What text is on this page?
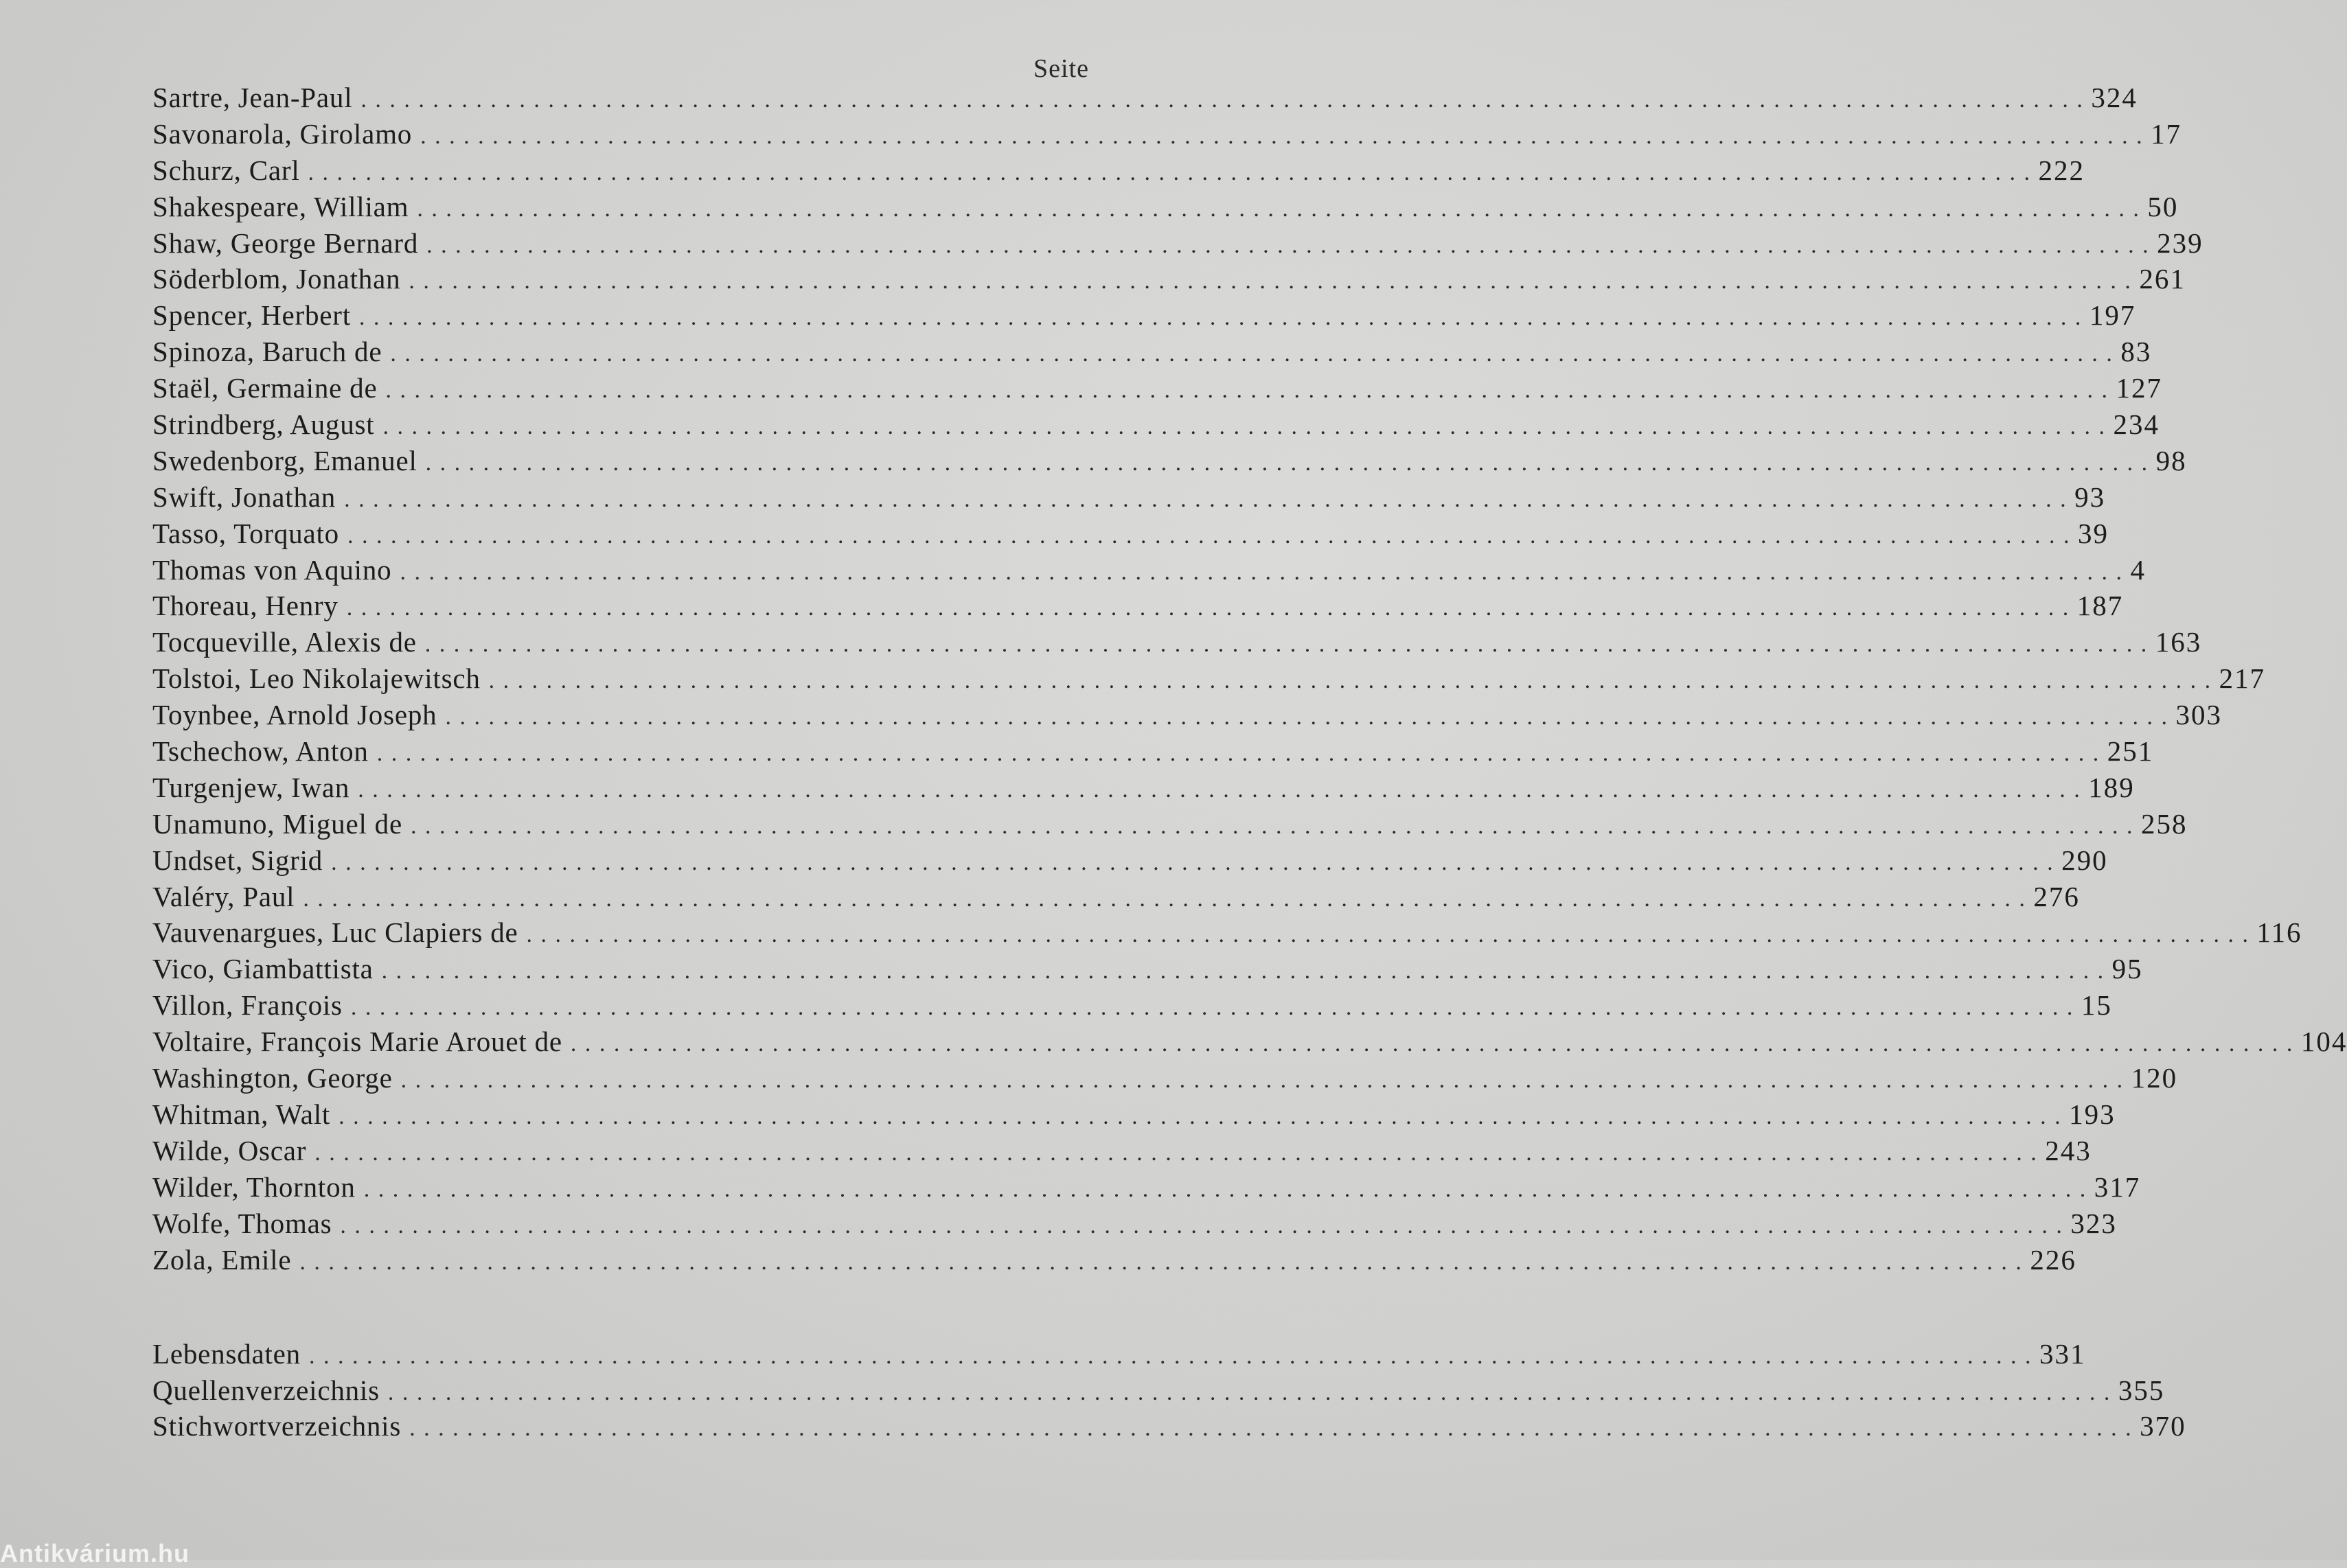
Seite
Sartre, Jean-Paul ........................................................................................................................ 324
Savonarola, Girolamo ........................................................................................................................ 17
Schurz, Carl ........................................................................................................................ 222
Shakespeare, William ........................................................................................................................ 50
Shaw, George Bernard ........................................................................................................................ 239
Söderblom, Jonathan ........................................................................................................................ 261
Spencer, Herbert ........................................................................................................................ 197
Spinoza, Baruch de ........................................................................................................................ 83
Staël, Germaine de ........................................................................................................................ 127
Strindberg, August ........................................................................................................................ 234
Swedenborg, Emanuel ........................................................................................................................ 98
Swift, Jonathan ........................................................................................................................ 93
Tasso, Torquato ........................................................................................................................ 39
Thomas von Aquino ........................................................................................................................ 4
Thoreau, Henry ........................................................................................................................ 187
Tocqueville, Alexis de ........................................................................................................................ 163
Tolstoi, Leo Nikolajewitsch ........................................................................................................................ 217
Toynbee, Arnold Joseph ........................................................................................................................ 303
Tschechow, Anton ........................................................................................................................ 251
Turgenjew, Iwan ........................................................................................................................ 189
Unamuno, Miguel de ........................................................................................................................ 258
Undset, Sigrid ........................................................................................................................ 290
Valéry, Paul ........................................................................................................................ 276
Vauvenargues, Luc Clapiers de ........................................................................................................................ 116
Vico, Giambattista ........................................................................................................................ 95
Villon, François ........................................................................................................................ 15
Voltaire, François Marie Arouet de ........................................................................................................................ 104
Washington, George ........................................................................................................................ 120
Whitman, Walt ........................................................................................................................ 193
Wilde, Oscar ........................................................................................................................ 243
Wilder, Thornton ........................................................................................................................ 317
Wolfe, Thomas ........................................................................................................................ 323
Zola, Emile ........................................................................................................................ 226
Lebensdaten ........................................................................................................................ 331
Quellenverzeichnis ........................................................................................................................ 355
Stichwortverzeichnis ........................................................................................................................ 370
Antikvárium.hu
